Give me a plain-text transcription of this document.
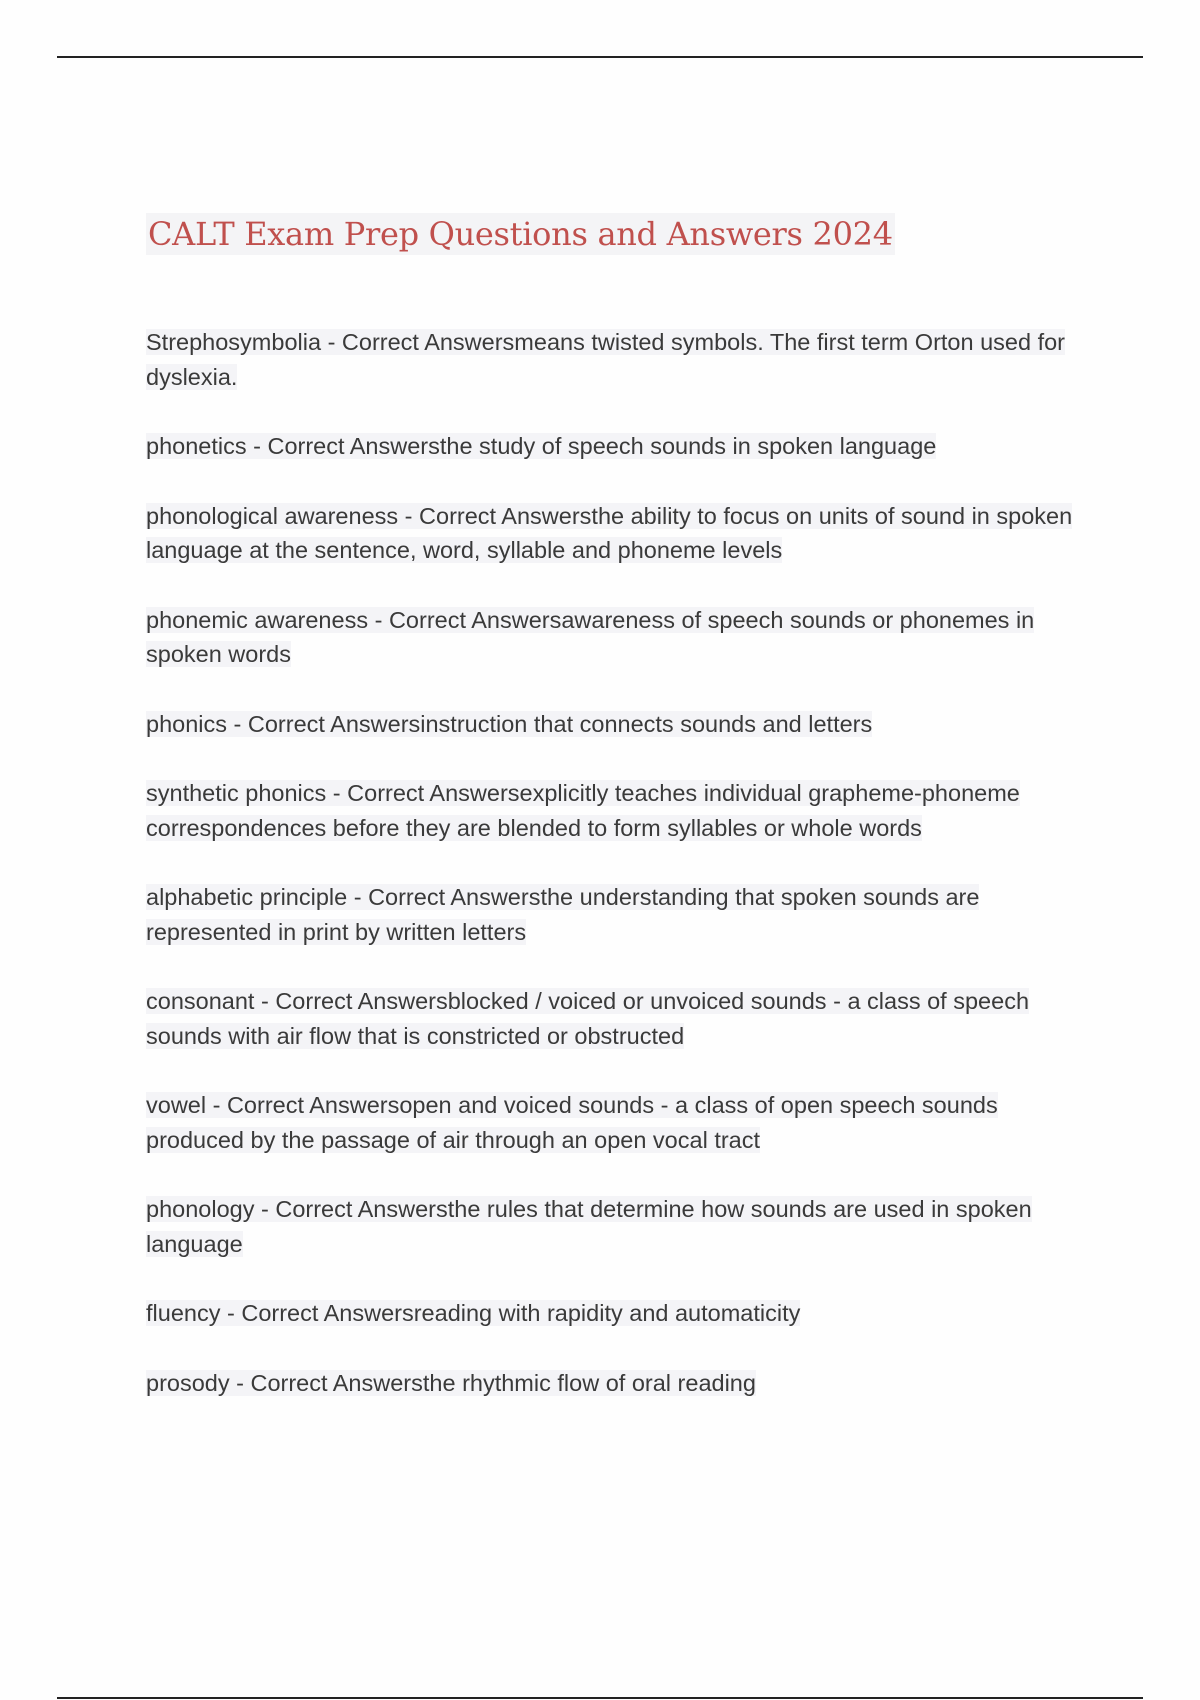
CALT Exam Prep Questions and Answers 2024

Strephosymbolia - Correct Answersmeans twisted symbols. The first term Orton used for dyslexia.

phonetics - Correct Answersthe study of speech sounds in spoken language

phonological awareness - Correct Answersthe ability to focus on units of sound in spoken language at the sentence, word, syllable and phoneme levels

phonemic awareness - Correct Answersawareness of speech sounds or phonemes in spoken words

phonics - Correct Answersinstruction that connects sounds and letters

synthetic phonics - Correct Answersexplicitly teaches individual grapheme-phoneme correspondences before they are blended to form syllables or whole words

alphabetic principle - Correct Answersthe understanding that spoken sounds are represented in print by written letters

consonant - Correct Answersblocked / voiced or unvoiced sounds - a class of speech sounds with air flow that is constricted or obstructed

vowel - Correct Answersopen and voiced sounds - a class of open speech sounds produced by the passage of air through an open vocal tract

phonology - Correct Answersthe rules that determine how sounds are used in spoken language

fluency - Correct Answersreading with rapidity and automaticity

prosody - Correct Answersthe rhythmic flow of oral reading
